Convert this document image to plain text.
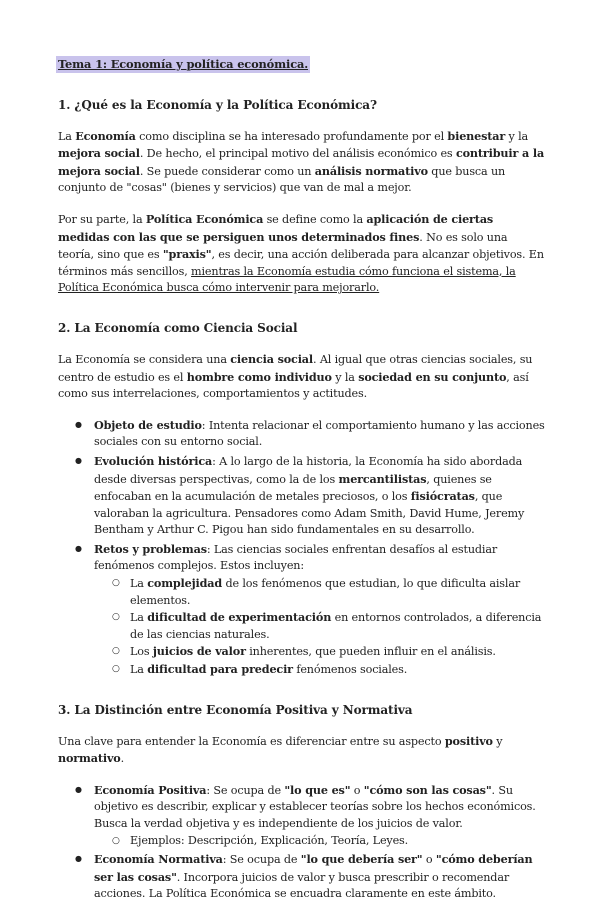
Tema 1: Economía y política económica.
1. ¿Qué es la Economía y la Política Económica?

La Economía como disciplina se ha interesado profundamente por el bienestar y la mejora social. De hecho, el principal motivo del análisis económico es contribuir a la mejora social. Se puede considerar como un análisis normativo que busca un conjunto de "cosas" (bienes y servicios) que van de mal a mejor.

Por su parte, la Política Económica se define como la aplicación de ciertas medidas con las que se persiguen unos determinados fines. No es solo una teoría, sino que es "praxis", es decir, una acción deliberada para alcanzar objetivos. En términos más sencillos, mientras la Economía estudia cómo funciona el sistema, la Política Económica busca cómo intervenir para mejorarlo.

2. La Economía como Ciencia Social

La Economía se considera una ciencia social. Al igual que otras ciencias sociales, su centro de estudio es el hombre como individuo y la sociedad en su conjunto, así como sus interrelaciones, comportamientos y actitudes.

● Objeto de estudio: Intenta relacionar el comportamiento humano y las acciones sociales con su entorno social.
● Evolución histórica: A lo largo de la historia, la Economía ha sido abordada desde diversas perspectivas, como la de los mercantilistas, quienes se enfocaban en la acumulación de metales preciosos, o los fisiócratas, que valoraban la agricultura. Pensadores como Adam Smith, David Hume, Jeremy Bentham y Arthur C. Pigou han sido fundamentales en su desarrollo.
● Retos y problemas: Las ciencias sociales enfrentan desafíos al estudiar fenómenos complejos. Estos incluyen:
○ La complejidad de los fenómenos que estudian, lo que dificulta aislar elementos.
○ La dificultad de experimentación en entornos controlados, a diferencia de las ciencias naturales.
○ Los juicios de valor inherentes, que pueden influir en el análisis.
○ La dificultad para predecir fenómenos sociales.
3. La Distinción entre Economía Positiva y Normativa

Una clave para entender la Economía es diferenciar entre su aspecto positivo y normativo.

● Economía Positiva: Se ocupa de "lo que es" o "cómo son las cosas". Su objetivo es describir, explicar y establecer teorías sobre los hechos económicos. Busca la verdad objetiva y es independiente de los juicios de valor.
○ Ejemplos: Descripción, Explicación, Teoría, Leyes.
● Economía Normativa: Se ocupa de "lo que debería ser" o "cómo deberían ser las cosas". Incorpora juicios de valor y busca prescribir o recomendar acciones. La Política Económica se encuadra claramente en este ámbito.
